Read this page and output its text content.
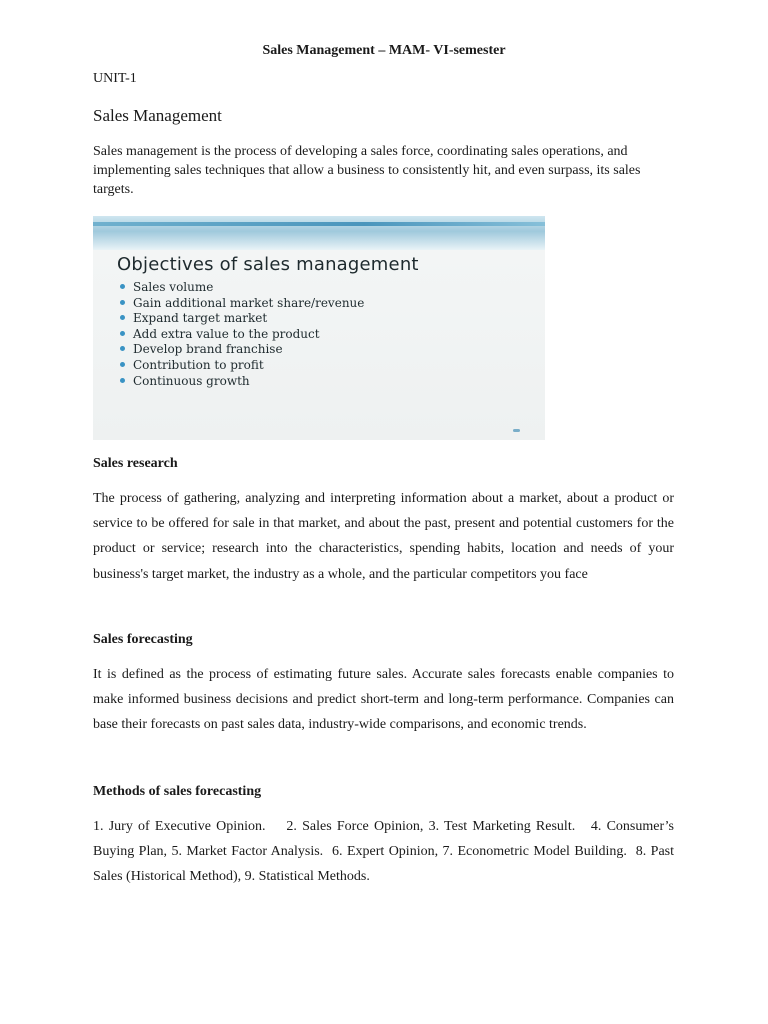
Sales Management – MAM- VI-semester
UNIT-1
Sales Management
Sales management is the process of developing a sales force, coordinating sales operations, and implementing sales techniques that allow a business to consistently hit, and even surpass, its sales targets.
Objectives of sales management
Sales volume
Gain additional market share/revenue
Expand target market
Add extra value to the product
Develop brand franchise
Contribution to profit
Continuous growth
Sales research

The process of gathering, analyzing and interpreting information about a market, about a product or service to be offered for sale in that market, and about the past, present and potential customers for the product or service; research into the characteristics, spending habits, location and needs of your business's target market, the industry as a whole, and the particular competitors you face

Sales forecasting

It is defined as the process of estimating future sales. Accurate sales forecasts enable companies to make informed business decisions and predict short-term and long-term performance. Companies can base their forecasts on past sales data, industry-wide comparisons, and economic trends.

Methods of sales forecasting

1. Jury of Executive Opinion.    2. Sales Force Opinion, 3. Test Marketing Result.   4. Consumer’s Buying Plan, 5. Market Factor Analysis.  6. Expert Opinion, 7. Econometric Model Building.  8. Past Sales (Historical Method), 9. Statistical Methods.
